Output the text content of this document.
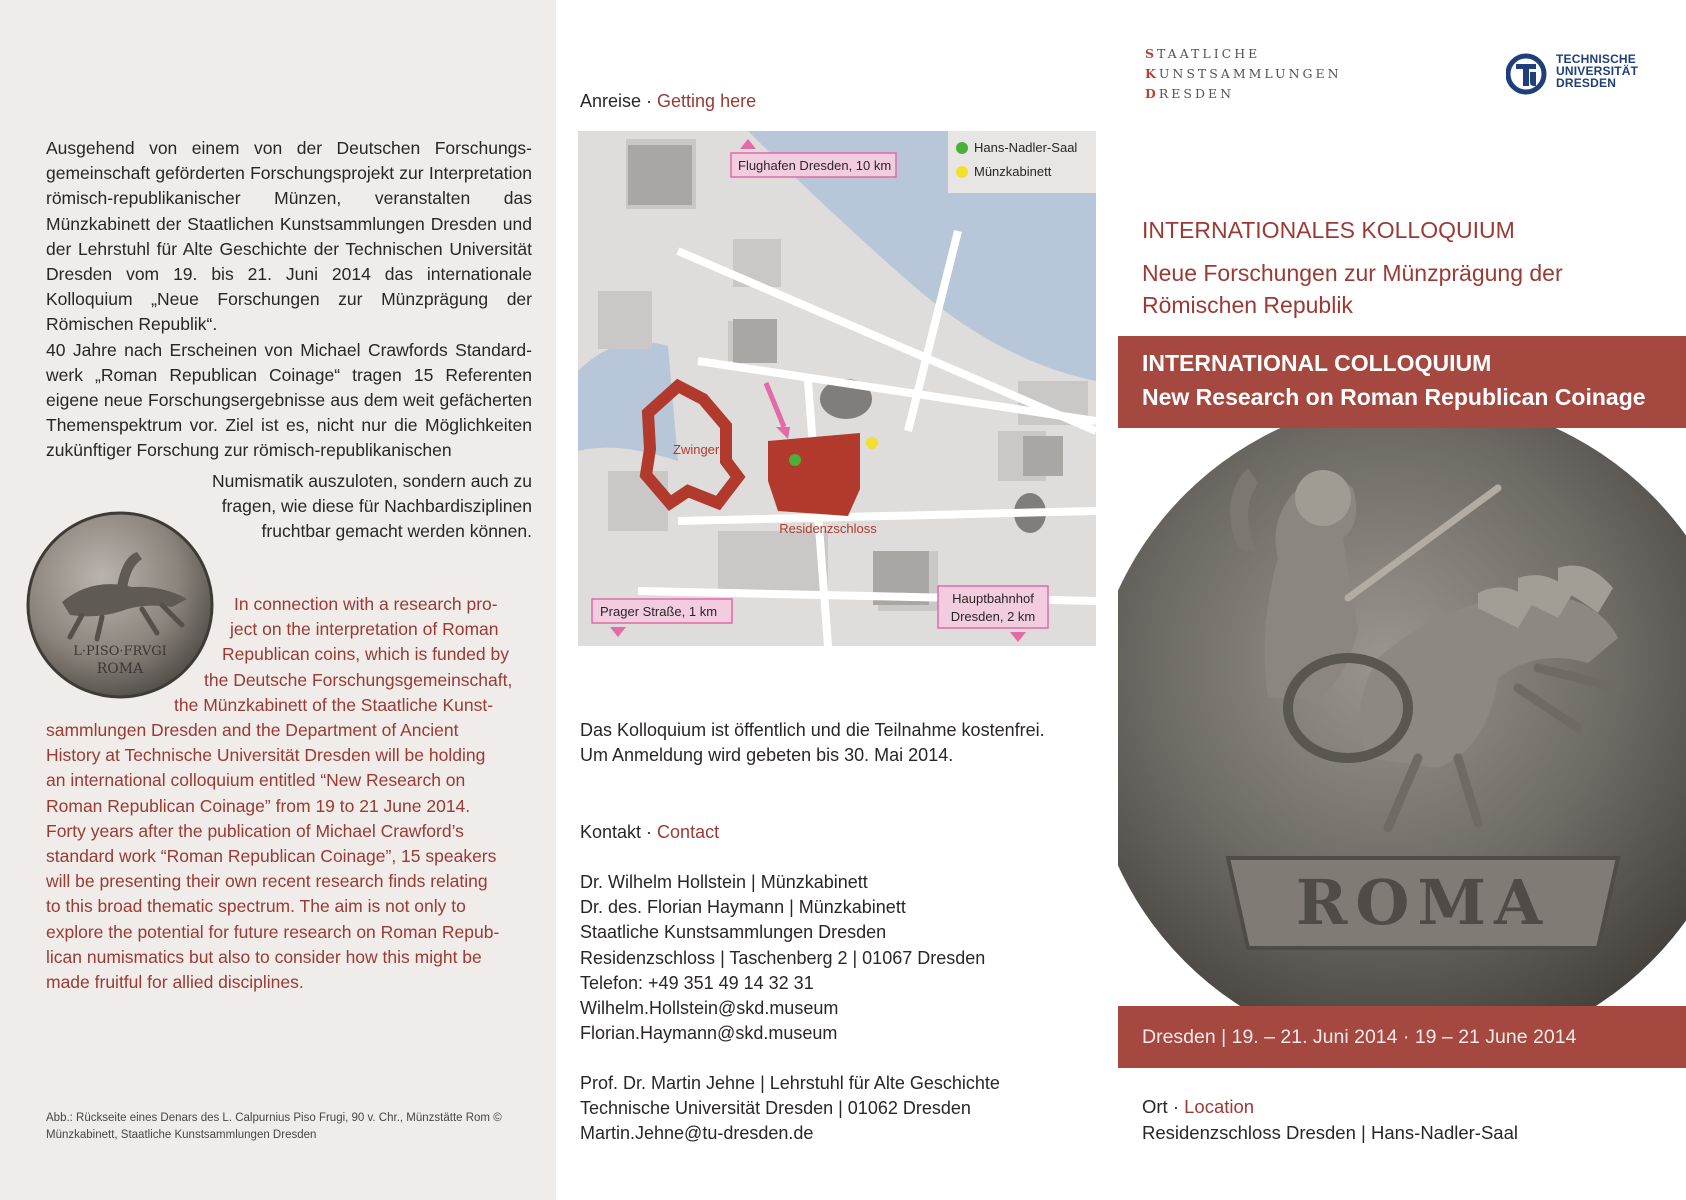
Ausgehend von einem von der Deutschen Forschungs-gemeinschaft geförderten Forschungsprojekt zur Interpretation römisch-republikanischer Münzen, veranstalten das Münzkabinett der Staatlichen Kunstsammlungen Dresden und der Lehrstuhl für Alte Geschichte der Technischen Universität Dresden vom 19. bis 21. Juni 2014 das internationale Kolloquium „Neue Forschungen zur Münzprägung der Römischen Republik“.

40 Jahre nach Erscheinen von Michael Crawfords Standard-werk „Roman Republican Coinage“ tragen 15 Referenten eigene neue Forschungsergebnisse aus dem weit gefächerten Themenspektrum vor. Ziel ist es, nicht nur die Möglichkeiten zukünftiger Forschung zur römisch-republikanischen

Numismatik auszuloten, sondern auch zu
fragen, wie diese für Nachbardisziplinen
fruchtbar gemacht werden können.
L·PISO·FRVGI
ROMA
In connection with a research pro-
ject on the interpretation of Roman
Republican coins, which is funded by
the Deutsche Forschungsgemeinschaft,
the Münzkabinett of the Staatliche Kunst-
sammlungen Dresden and the Department of Ancient
History at Technische Universität Dresden will be holding
an international colloquium entitled “New Research on
Roman Republican Coinage” from 19 to 21 June 2014.
Forty years after the publication of Michael Crawford’s
standard work “Roman Republican Coinage”, 15 speakers
will be presenting their own recent research finds relating
to this broad thematic spectrum. The aim is not only to
explore the potential for future research on Roman Repub-
lican numismatics but also to consider how this might be
made fruitful for allied disciplines.
Abb.: Rückseite eines Denars des L. Calpurnius Piso Frugi, 90 v. Chr., Münzstätte Rom © Münzkabinett, Staatliche Kunstsammlungen Dresden
Anreise · Getting here
Zwinger
Residenzschloss
Hans-Nadler-Saal
Münzkabinett
Flughafen Dresden, 10 km
Prager Straße, 1 km
Hauptbahnhof
Dresden, 2 km
Das Kolloquium ist öffentlich und die Teilnahme kostenfrei.
Um Anmeldung wird gebeten bis 30. Mai 2014.
Kontakt · Contact
Dr. Wilhelm Hollstein | Münzkabinett
Dr. des. Florian Haymann | Münzkabinett
Staatliche Kunstsammlungen Dresden
Residenzschloss | Taschenberg 2 | 01067 Dresden
Telefon: +49 351 49 14 32 31
Wilhelm.Hollstein@skd.museum
Florian.Haymann@skd.museum
Prof. Dr. Martin Jehne | Lehrstuhl für Alte Geschichte
Technische Universität Dresden | 01062 Dresden
Martin.Jehne@tu-dresden.de
STAATLICHE
KUNSTSAMMLUNGEN
DRESDEN
TECHNISCHE
UNIVERSITÄT
DRESDEN
INTERNATIONALES KOLLOQUIUM
Neue Forschungen zur Münzprägung der
Römischen Republik
INTERNATIONAL COLLOQUIUM
New Research on Roman Republican Coinage
ROMA
Dresden | 19. – 21. Juni 2014 · 19 – 21 June 2014
Ort · Location
Residenzschloss Dresden | Hans-Nadler-Saal
